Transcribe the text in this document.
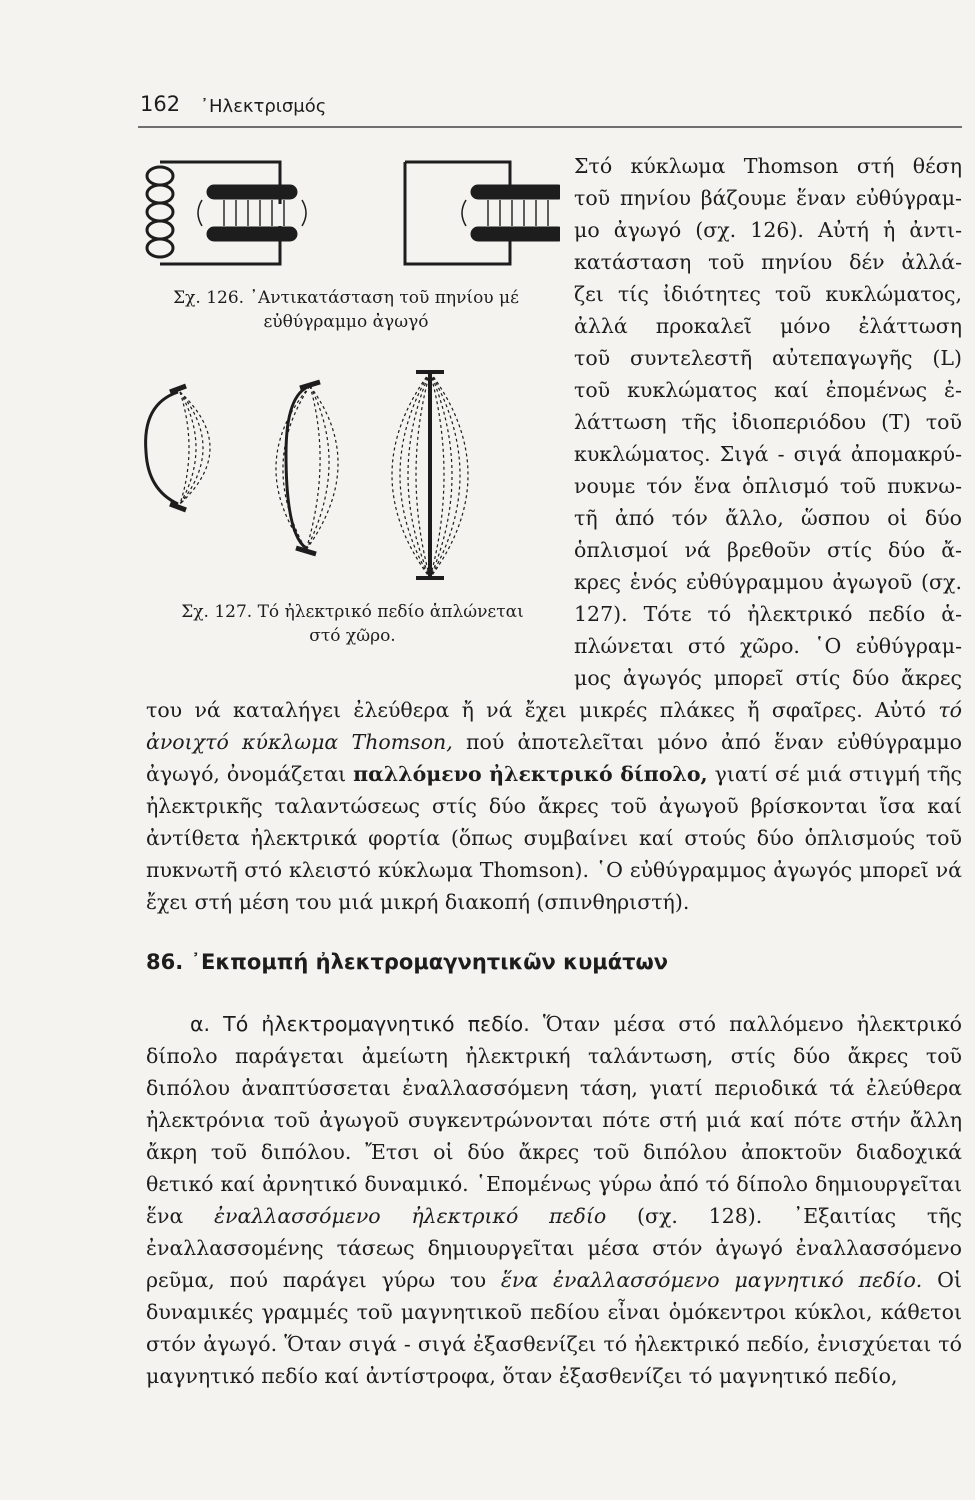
162 ᾿Ηλεκτρισμός
Σχ. 126. ᾿Αντικατάσταση τοῦ πηνίου μέ εὐθύγραμμο ἀγωγό
Σχ. 127. Τό ἠλεκτρικό πεδίο ἁπλώνεται στό χῶρο.

Στό κύκλωμα Thomson στή θέση

τοῦ πηνίου βάζουμε ἕναν εὐθύγραμ-

μο ἀγωγό (σχ. 126). Αὐτή ἡ ἀντι-

κατάσταση τοῦ πηνίου δέν ἀλλά-

ζει τίς ἰδιότητες τοῦ κυκλώματος,

ἀλλά προκαλεῖ μόνο ἐλάττωση

τοῦ συντελεστῆ αὐτεπαγωγῆς (L)

τοῦ κυκλώματος καί ἐπομένως ἐ-

λάττωση τῆς ἰδιοπεριόδου (Τ) τοῦ

κυκλώματος. Σιγά - σιγά ἀπομακρύ-

νουμε τόν ἕνα ὁπλισμό τοῦ πυκνω-

τῆ ἀπό τόν ἄλλο, ὥσπου οἱ δύο

ὁπλισμοί νά βρεθοῦν στίς δύο ἄ-

κρες ἑνός εὐθύγραμμου ἀγωγοῦ (σχ.

127). Τότε τό ἠλεκτρικό πεδίο ἁ-

πλώνεται στό χῶρο. ῾Ο εὐθύγραμ-

μος ἀγωγός μπορεῖ στίς δύο ἄκρες

του νά καταλήγει ἐλεύθερα ἤ νά ἔχει μικρές πλάκες ἤ σφαῖρες. Αὐτό τό ἀνοιχτό κύκλωμα Thomson, πού ἀποτελεῖται μόνο ἀπό ἕναν εὐθύγραμμο ἀγωγό, ὀνομάζεται παλλόμενο ἠλεκτρικό δίπολο, γιατί σέ μιά στιγμή τῆς ἠλεκτρικῆς ταλαντώσεως στίς δύο ἄκρες τοῦ ἀγωγοῦ βρίσκονται ἴσα καί ἀντίθετα ἠλεκτρικά φορτία (ὅπως συμβαίνει καί στούς δύο ὁπλισμούς τοῦ πυκνωτῆ στό κλειστό κύκλωμα Thomson). ῾Ο εὐθύγραμμος ἀγωγός μπορεῖ νά ἔχει στή μέση του μιά μικρή διακοπή (σπινθηριστή).

86. ᾿Εκπομπή ἠλεκτρομαγνητικῶν κυμάτων

α. Τό ἠλεκτρομαγνητικό πεδίο. Ὅταν μέσα στό παλλόμενο ἠλεκτρικό δίπολο παράγεται ἀμείωτη ἠλεκτρική ταλάντωση, στίς δύο ἄκρες τοῦ διπόλου ἀναπτύσσεται ἐναλλασσόμενη τάση, γιατί περιοδικά τά ἐλεύθερα ἠλεκτρόνια τοῦ ἀγωγοῦ συγκεντρώνονται πότε στή μιά καί πότε στήν ἄλλη ἄκρη τοῦ διπόλου. Ἔτσι οἱ δύο ἄκρες τοῦ διπόλου ἀποκτοῦν διαδοχικά θετικό καί ἀρνητικό δυναμικό. ῾Επομένως γύρω ἀπό τό δίπολο δημιουργεῖται ἕνα ἐναλλασσόμενο ἠλεκτρικό πεδίο (σχ. 128). ᾿Εξαιτίας τῆς ἐναλλασσομένης τάσεως δημιουργεῖται μέσα στόν ἀγωγό ἐναλλασσόμενο ρεῦμα, πού παράγει γύρω του ἕνα ἐναλλασσόμενο μαγνητικό πεδίο. Οἱ δυναμικές γραμμές τοῦ μαγνητικοῦ πεδίου εἶναι ὁμόκεντροι κύκλοι, κάθετοι στόν ἀγωγό. Ὅταν σιγά - σιγά ἐξασθενίζει τό ἠλεκτρικό πεδίο, ἐνισχύεται τό μαγνητικό πεδίο καί ἀντίστροφα, ὅταν ἐξασθενίζει τό μαγνητικό πεδίο,
